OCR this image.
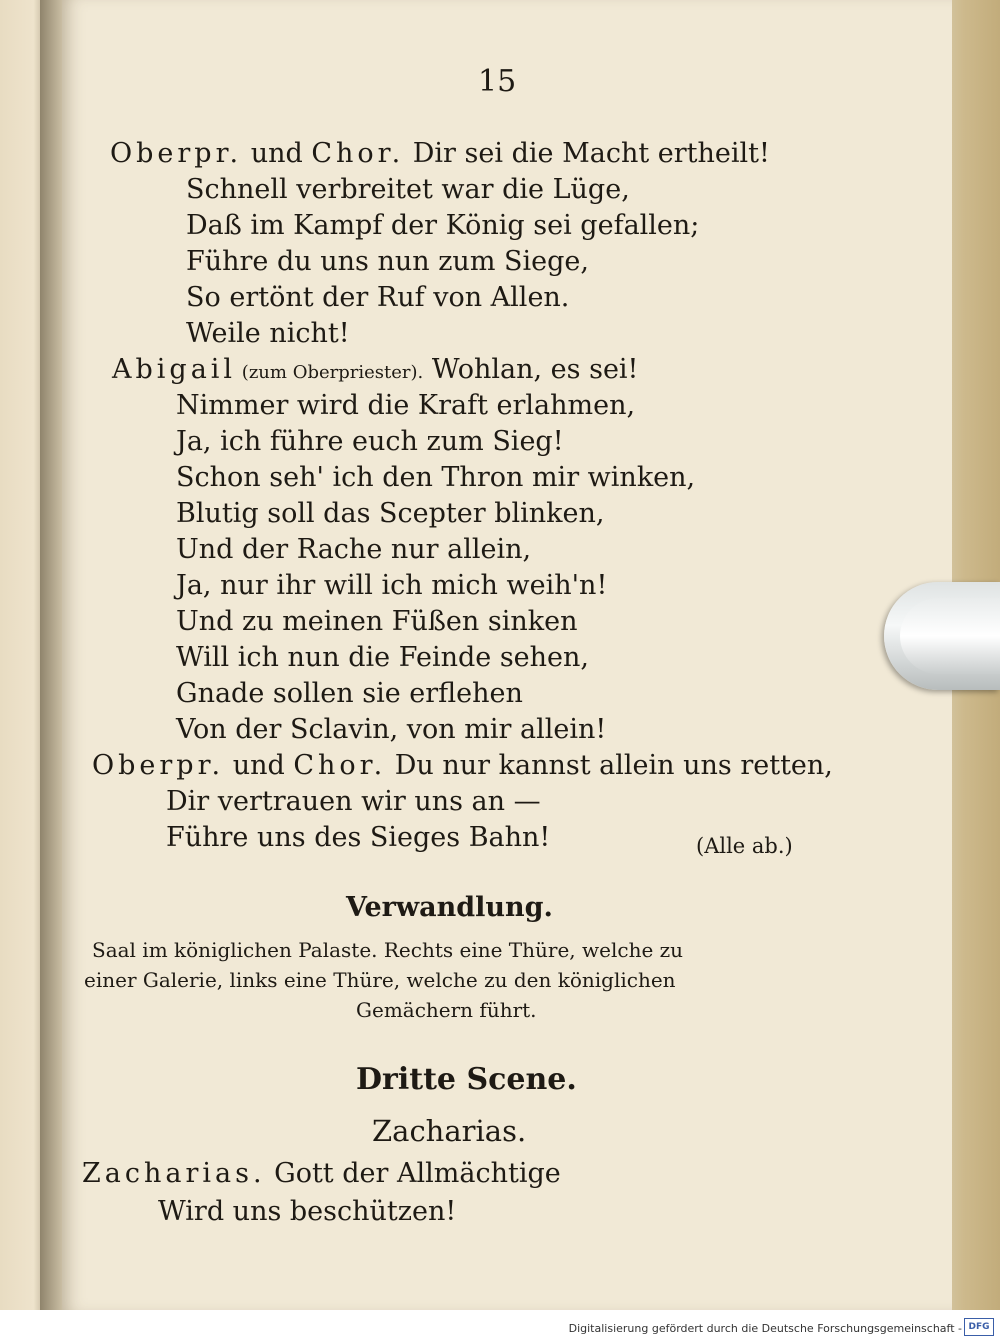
15
Oberpr. und Chor. Dir sei die Macht ertheilt!
Schnell verbreitet war die Lüge,
Daß im Kampf der König sei gefallen;
Führe du uns nun zum Siege,
So ertönt der Ruf von Allen.
Weile nicht!
Abigail (zum Oberpriester). Wohlan, es sei!
Nimmer wird die Kraft erlahmen,
Ja, ich führe euch zum Sieg!
Schon seh' ich den Thron mir winken,
Blutig soll das Scepter blinken,
Und der Rache nur allein,
Ja, nur ihr will ich mich weih'n!
Und zu meinen Füßen sinken
Will ich nun die Feinde sehen,
Gnade sollen sie erflehen
Von der Sclavin, von mir allein!
Oberpr. und Chor. Du nur kannst allein uns retten,
Dir vertrauen wir uns an —
Führe uns des Sieges Bahn!	(Alle ab.)
Verwandlung.
Saal im königlichen Palaste. Rechts eine Thüre, welche zu
einer Galerie, links eine Thüre, welche zu den königlichen
Gemächern führt.
Dritte Scene.
Zacharias.
Zacharias. Gott der Allmächtige
Wird uns beschützen!
Digitalisierung gefördert durch die Deutsche Forschungsgemeinschaft - DFG
